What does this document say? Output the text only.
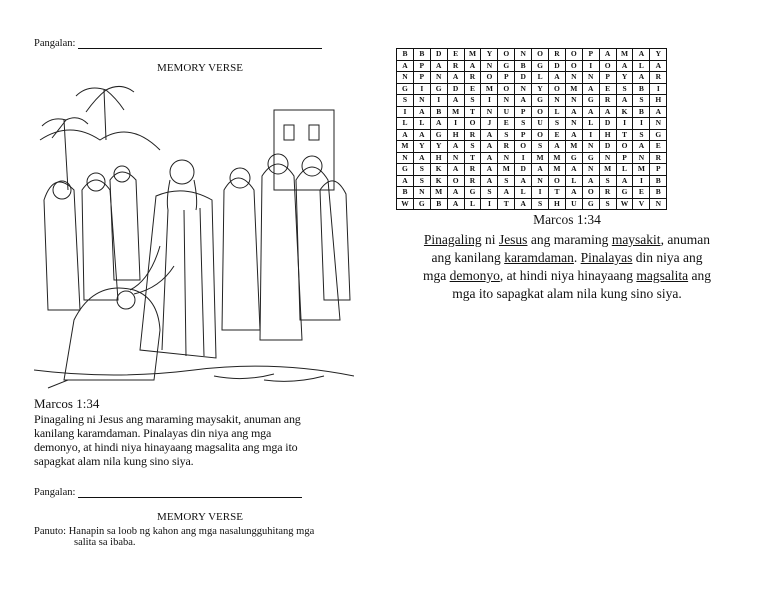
Pangalan:
MEMORY VERSE
Marcos 1:34
Pinagaling ni Jesus ang maraming maysakit, anuman ang
kanilang karamdaman. Pinalayas din niya ang mga
demonyo, at hindi niya hinayaang magsalita ang mga ito
sapagkat alam nila kung sino siya.
Pangalan:
MEMORY VERSE
Panuto: Hanapin sa loob ng kahon ang mga nasalungguhitang mga
salita sa ibaba.
B	B	D	E	M	Y	O	N	O	R	O	P	A	M	A	Y
A	P	A	R	A	N	G	B	G	D	O	I	O	A	L	A
N	P	N	A	R	O	P	D	L	A	N	N	P	Y	A	R
G	I	G	D	E	M	O	N	Y	O	M	A	E	S	B	I
S	N	I	A	S	I	N	A	G	N	N	G	R	A	S	H
I	A	B	M	T	N	U	P	O	L	A	A	A	K	B	A
L	L	A	I	O	J	E	S	U	S	N	L	D	I	I	N
A	A	G	H	R	A	S	P	O	E	A	I	H	T	S	G
M	Y	Y	A	S	A	R	O	S	A	M	N	D	O	A	E
N	A	H	N	T	A	N	I	M	M	G	G	N	P	N	R
G	S	K	A	R	A	M	D	A	M	A	N	M	L	M	P
A	S	K	O	R	A	S	A	N	O	L	A	S	A	I	B
B	N	M	A	G	S	A	L	I	T	A	O	R	G	E	B
W	G	B	A	L	I	T	A	S	H	U	G	S	W	V	N
Marcos 1:34
Pinagaling ni Jesus ang maraming maysakit, anuman
ang kanilang karamdaman. Pinalayas din niya ang
mga demonyo, at hindi niya hinayaang magsalita ang
mga ito sapagkat alam nila kung sino siya.
